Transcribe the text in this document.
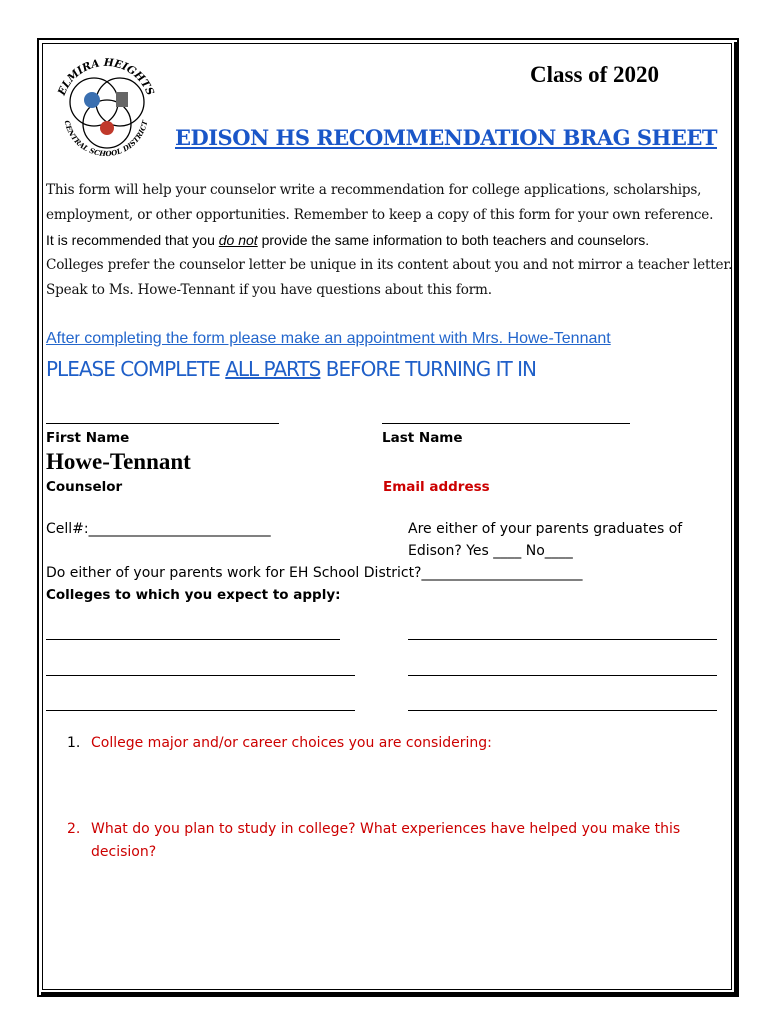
ELMIRA HEIGHTS
CENTRAL SCHOOL DISTRICT
Class of 2020
EDISON HS RECOMMENDATION BRAG SHEET
This form will help your counselor write a recommendation for college applications, scholarships,
employment, or other opportunities. Remember to keep a copy of this form for your own reference.
It is recommended that you do not provide the same information to both teachers and counselors.
Colleges prefer the counselor letter be unique in its content about you and not mirror a teacher letter.
Speak to Ms. Howe-Tennant if you have questions about this form.
After completing the form please make an appointment with Mrs. Howe-Tennant
PLEASE COMPLETE ALL PARTS BEFORE TURNING IT IN
First Name	Last Name
Howe-Tennant
Counselor	Email address
Cell#:__________________________	Are either of your parents graduates of
Edison? Yes ____ No____
Do either of your parents work for EH School District?_______________________
Colleges to which you expect to apply:
1. College major and/or career choices you are considering:
2. What do you plan to study in college? What experiences have helped you make this
decision?
